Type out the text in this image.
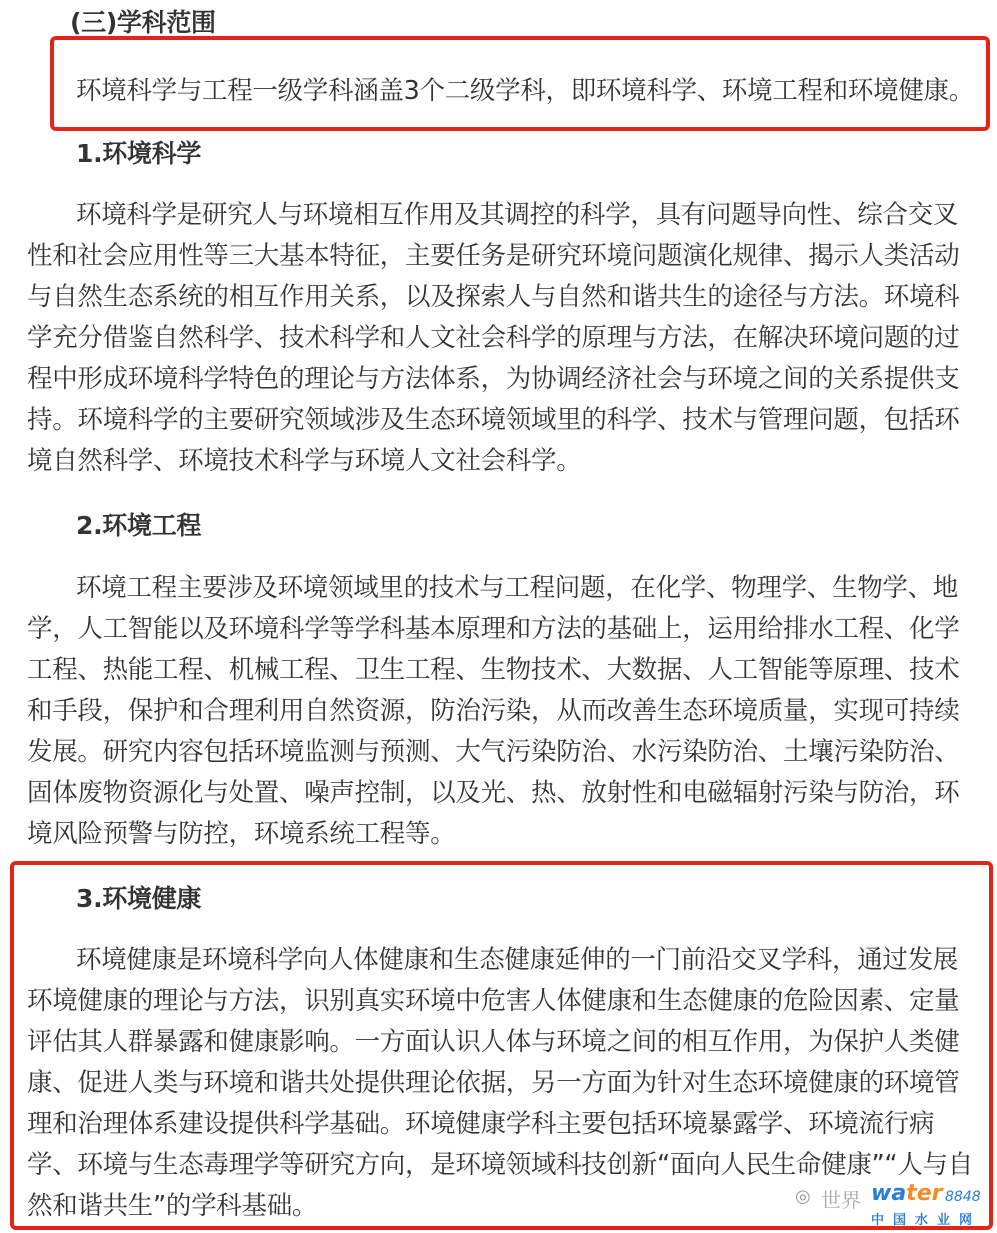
(三)学科范围
环境科学与工程一级学科涵盖3个二级学科，即环境科学、环境工程和环境健康。
1.环境科学
环境科学是研究人与环境相互作用及其调控的科学，具有问题导向性、综合交叉
性和社会应用性等三大基本特征，主要任务是研究环境问题演化规律、揭示人类活动
与自然生态系统的相互作用关系，以及探索人与自然和谐共生的途径与方法。环境科
学充分借鉴自然科学、技术科学和人文社会科学的原理与方法，在解决环境问题的过
程中形成环境科学特色的理论与方法体系，为协调经济社会与环境之间的关系提供支
持。环境科学的主要研究领域涉及生态环境领域里的科学、技术与管理问题，包括环
境自然科学、环境技术科学与环境人文社会科学。
2.环境工程
环境工程主要涉及环境领域里的技术与工程问题，在化学、物理学、生物学、地
学，人工智能以及环境科学等学科基本原理和方法的基础上，运用给排水工程、化学
工程、热能工程、机械工程、卫生工程、生物技术、大数据、人工智能等原理、技术
和手段，保护和合理利用自然资源，防治污染，从而改善生态环境质量，实现可持续
发展。研究内容包括环境监测与预测、大气污染防治、水污染防治、土壤污染防治、
固体废物资源化与处置、噪声控制，以及光、热、放射性和电磁辐射污染与防治，环
境风险预警与防控，环境系统工程等。
3.环境健康
环境健康是环境科学向人体健康和生态健康延伸的一门前沿交叉学科，通过发展
环境健康的理论与方法，识别真实环境中危害人体健康和生态健康的危险因素、定量
评估其人群暴露和健康影响。一方面认识人体与环境之间的相互作用，为保护人类健
康、促进人类与环境和谐共处提供理论依据，另一方面为针对生态环境健康的环境管
理和治理体系建设提供科学基础。环境健康学科主要包括环境暴露学、环境流行病
学、环境与生态毒理学等研究方向，是环境领域科技创新“面向人民生命健康”“人与自
然和谐共生”的学科基础。	◎ 世界 water 8848
中国水业网
